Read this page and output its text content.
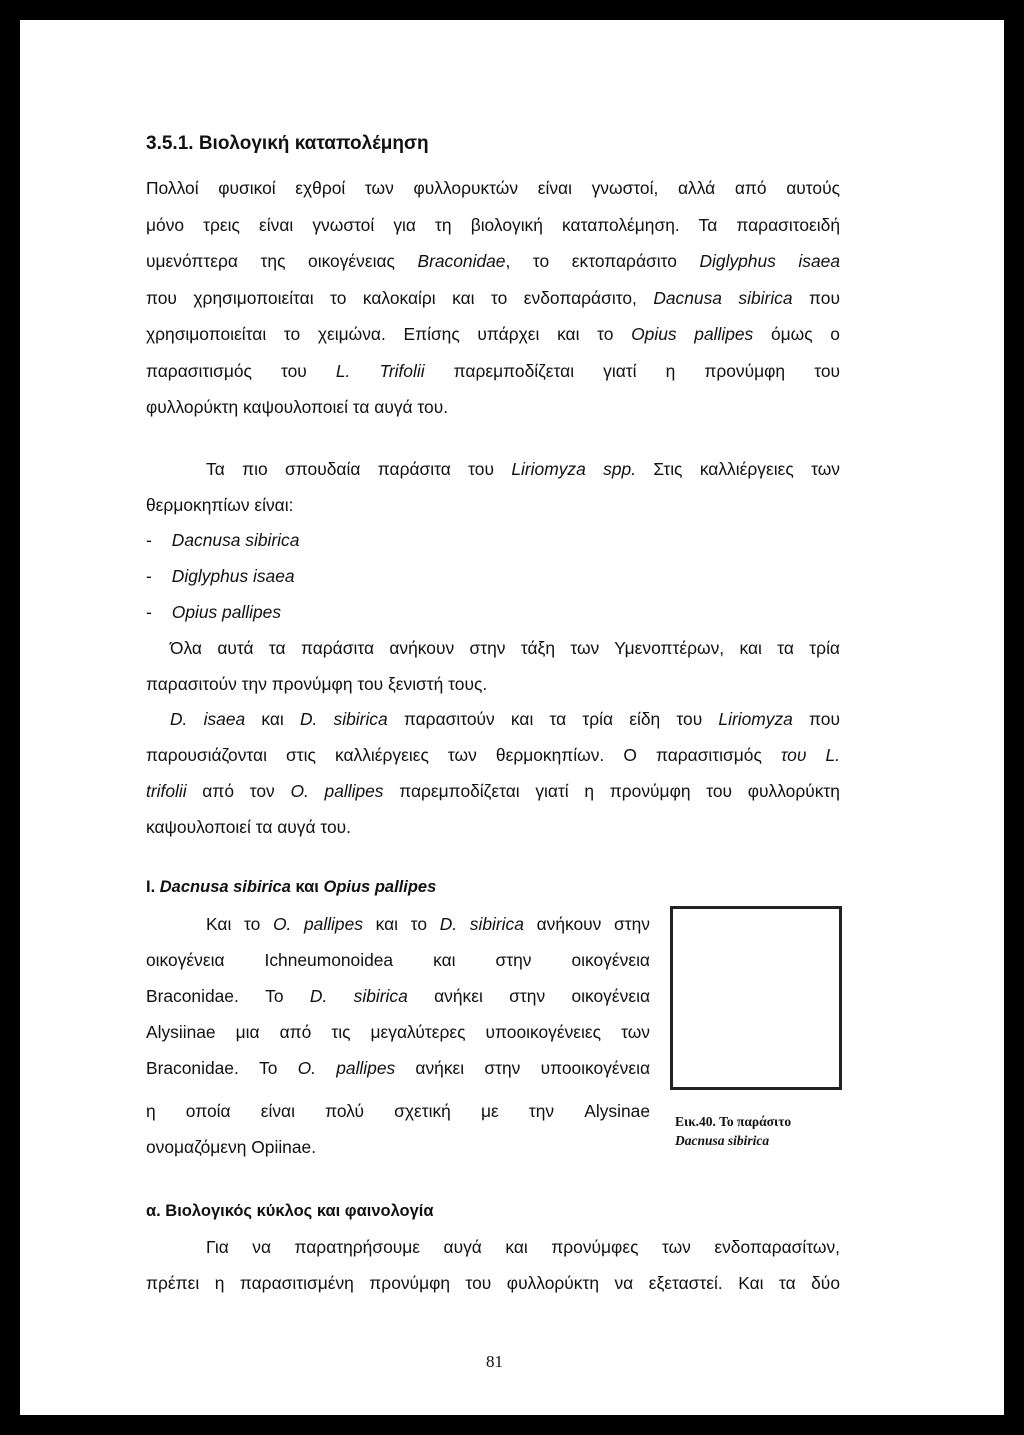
3.5.1. Βιολογική καταπολέμηση
Πολλοί φυσικοί εχθροί των φυλλορυκτών είναι γνωστοί, αλλά από αυτούς
μόνο τρεις είναι γνωστοί για τη βιολογική καταπολέμηση. Τα παρασιτοειδή
υμενόπτερα της οικογένειας Braconidae, το εκτοπαράσιτο Diglyphus isaea
που χρησιμοποιείται το καλοκαίρι και το ενδοπαράσιτο, Dacnusa sibirica που
χρησιμοποιείται το χειμώνα. Επίσης υπάρχει και το Opius pallipes όμως ο
παρασιτισμός του L. Trifolii παρεμποδίζεται γιατί η προνύμφη του
φυλλορύκτη καψουλοποιεί τα αυγά του.
Τα πιο σπουδαία παράσιτα του Liriomyza spp. Στις καλλιέργειες των
θερμοκηπίων είναι:
- Dacnusa sibirica
- Diglyphus isaea
- Opius pallipes
Όλα αυτά τα παράσιτα ανήκουν στην τάξη των Υμενοπτέρων, και τα τρία
παρασιτούν την προνύμφη του ξενιστή τους.
D. isaea και D. sibirica παρασιτούν και τα τρία είδη του Liriomyza που
παρουσιάζονται στις καλλιέργειες των θερμοκηπίων. Ο παρασιτισμός του L.
trifolii από τον O. pallipes παρεμποδίζεται γιατί η προνύμφη του φυλλορύκτη
καψουλοποιεί τα αυγά του.
I. Dacnusa sibirica και Opius pallipes
Και το O. pallipes και το D. sibirica ανήκουν στην
οικογένεια Ichneumonoidea και στην οικογένεια
Braconidae. Το D. sibirica ανήκει στην οικογένεια
Alysiinae μια από τις μεγαλύτερες υποοικογένειες των
Braconidae. Το O. pallipes ανήκει στην υποοικογένεια
η οποία είναι πολύ σχετική με την Alysinae
ονομαζόμενη Opiinae.
Εικ.40. Το παράσιτο
Dacnusa sibirica
α. Βιολογικός κύκλος και φαινολογία
Για να παρατηρήσουμε αυγά και προνύμφες των ενδοπαρασίτων,
πρέπει η παρασιτισμένη προνύμφη του φυλλορύκτη να εξεταστεί. Και τα δύο
81
